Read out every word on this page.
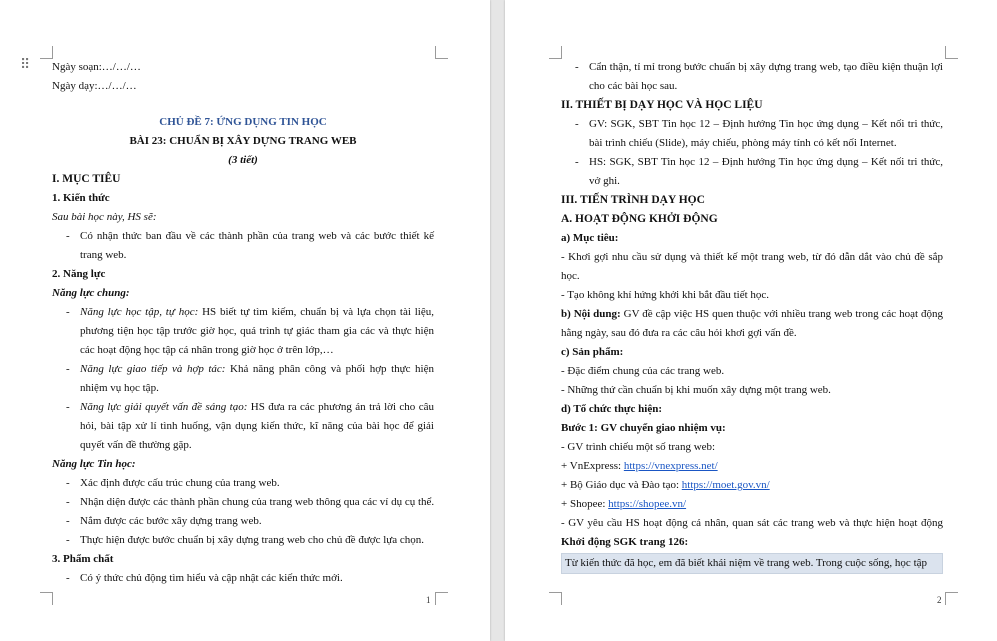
⠿ Ngày soạn:…/…/…
Ngày dạy:…/…/…
CHỦ ĐỀ 7: ỨNG DỤNG TIN HỌC
BÀI 23: CHUẨN BỊ XÂY DỰNG TRANG WEB
(3 tiết)
I. MỤC TIÊU
1. Kiến thức
Sau bài học này, HS sẽ:
- Có nhận thức ban đầu về các thành phần của trang web và các bước thiết kế
trang web.
2. Năng lực
Năng lực chung:
- Năng lực học tập, tự học: HS biết tự tìm kiếm, chuẩn bị và lựa chọn tài liệu,
phương tiện học tập trước giờ học, quá trình tự giác tham gia các và thực hiện
các hoạt động học tập cá nhân trong giờ học ở trên lớp,…
- Năng lực giao tiếp và hợp tác: Khả năng phân công và phối hợp thực hiện
nhiệm vụ học tập.
- Năng lực giải quyết vấn đề sáng tạo: HS đưa ra các phương án trả lời cho câu
hỏi, bài tập xử lí tình huống, vận dụng kiến thức, kĩ năng của bài học để giải
quyết vấn đề thường gặp.
Năng lực Tin học:
- Xác định được cấu trúc chung của trang web.
- Nhận diện được các thành phần chung của trang web thông qua các ví dụ cụ thể.
- Nắm được các bước xây dựng trang web.
- Thực hiện được bước chuẩn bị xây dựng trang web cho chủ đề được lựa chọn.
3. Phẩm chất
- Có ý thức chủ động tìm hiểu và cập nhật các kiến thức mới.
1
- Cẩn thận, tỉ mỉ trong bước chuẩn bị xây dựng trang web, tạo điều kiện thuận lợi
cho các bài học sau.
II. THIẾT BỊ DẠY HỌC VÀ HỌC LIỆU
- GV: SGK, SBT Tin học 12 – Định hướng Tin học ứng dụng – Kết nối tri thức,
bài trình chiếu (Slide), máy chiếu, phòng máy tính có kết nối Internet.
- HS: SGK, SBT Tin học 12 – Định hướng Tin học ứng dụng – Kết nối tri thức,
vở ghi.
III. TIẾN TRÌNH DẠY HỌC
A. HOẠT ĐỘNG KHỞI ĐỘNG
a) Mục tiêu:
- Khơi gợi nhu cầu sử dụng và thiết kế một trang web, từ đó dẫn dắt vào chủ đề sắp
học.
- Tạo không khí hứng khởi khi bắt đầu tiết học.
b) Nội dung: GV đề cập việc HS quen thuộc với nhiều trang web trong các hoạt động
hằng ngày, sau đó đưa ra các câu hỏi khơi gợi vấn đề.
c) Sản phẩm:
- Đặc điểm chung của các trang web.
- Những thứ cần chuẩn bị khi muốn xây dựng một trang web.
d) Tổ chức thực hiện:
Bước 1: GV chuyển giao nhiệm vụ:
- GV trình chiếu một số trang web:
+ VnExpress: https://vnexpress.net/
+ Bộ Giáo dục và Đào tạo: https://moet.gov.vn/
+ Shopee: https://shopee.vn/
- GV yêu cầu HS hoạt động cá nhân, quan sát các trang web và thực hiện hoạt động
Khởi động SGK trang 126:
Từ kiến thức đã học, em đã biết khái niệm về trang web. Trong cuộc sống, học tập
2
